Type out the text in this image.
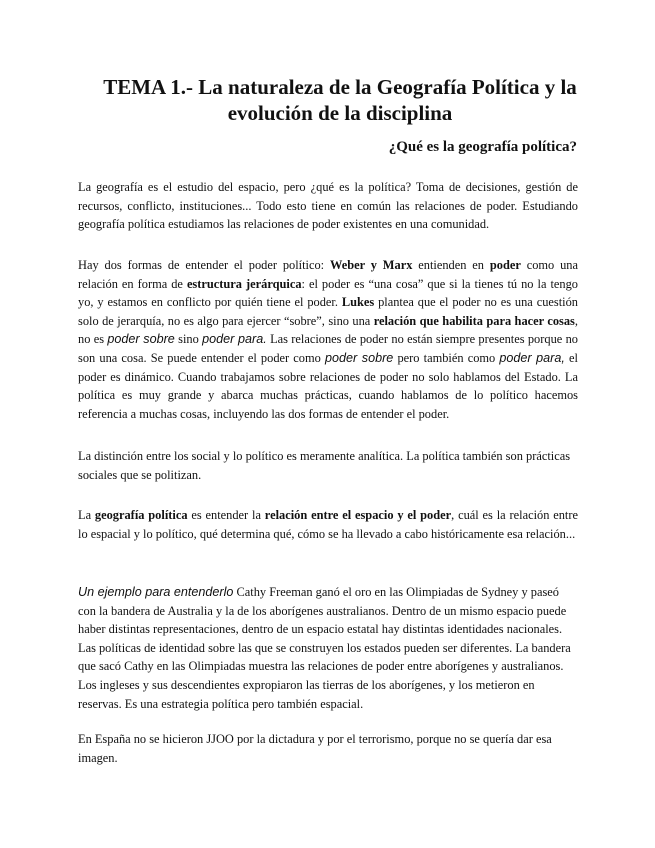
TEMA 1.- La naturaleza de la Geografía Política y la evolución de la disciplina
¿Qué es la geografía política?
La geografía es el estudio del espacio, pero ¿qué es la política? Toma de decisiones, gestión de recursos, conflicto, instituciones... Todo esto tiene en común las relaciones de poder. Estudiando geografía política estudiamos las relaciones de poder existentes en una comunidad.
Hay dos formas de entender el poder político: Weber y Marx entienden en poder como una relación en forma de estructura jerárquica: el poder es “una cosa” que si la tienes tú no la tengo yo, y estamos en conflicto por quién tiene el poder. Lukes plantea que el poder no es una cuestión solo de jerarquía, no es algo para ejercer “sobre”, sino una relación que habilita para hacer cosas, no es poder sobre sino poder para. Las relaciones de poder no están siempre presentes porque no son una cosa. Se puede entender el poder como poder sobre pero también como poder para, el poder es dinámico. Cuando trabajamos sobre relaciones de poder no solo hablamos del Estado. La política es muy grande y abarca muchas prácticas, cuando hablamos de lo político hacemos referencia a muchas cosas, incluyendo las dos formas de entender el poder.
La distinción entre los social y lo político es meramente analítica. La política también son prácticas sociales que se politizan.
La geografía política es entender la relación entre el espacio y el poder, cuál es la relación entre lo espacial y lo político, qué determina qué, cómo se ha llevado a cabo históricamente esa relación...
Un ejemplo para entenderlo Cathy Freeman ganó el oro en las Olimpiadas de Sydney y paseó con la bandera de Australia y la de los aborígenes australianos. Dentro de un mismo espacio puede haber distintas representaciones, dentro de un espacio estatal hay distintas identidades nacionales. Las políticas de identidad sobre las que se construyen los estados pueden ser diferentes. La bandera que sacó Cathy en las Olimpiadas muestra las relaciones de poder entre aborígenes y australianos. Los ingleses y sus descendientes expropiaron las tierras de los aborígenes, y los metieron en reservas. Es una estrategia política pero también espacial.
En España no se hicieron JJOO por la dictadura y por el terrorismo, porque no se quería dar esa imagen.
